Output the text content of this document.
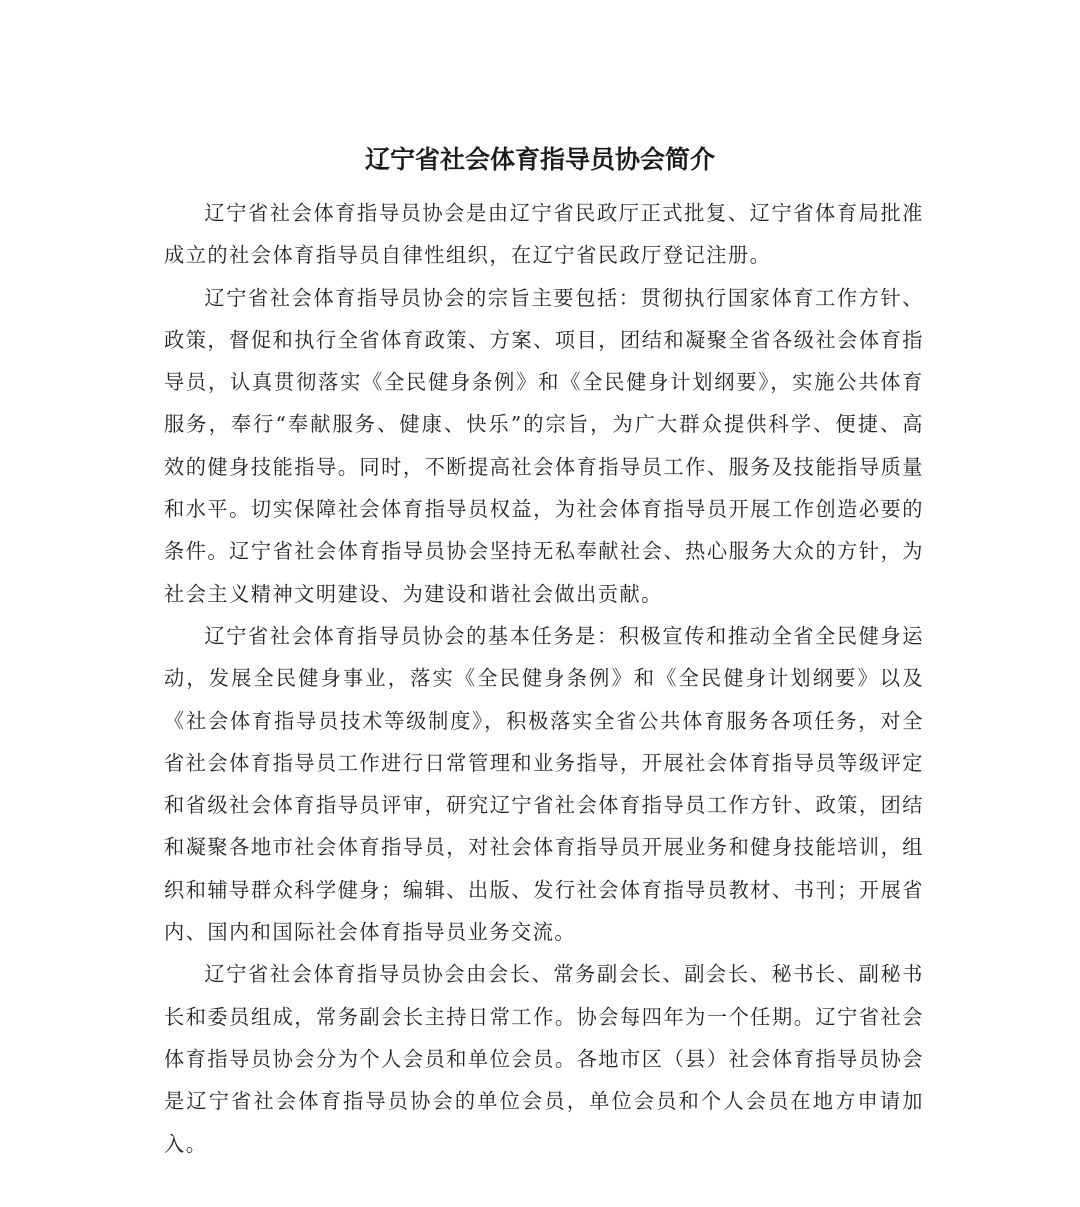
辽宁省社会体育指导员协会简介

辽宁省社会体育指导员协会是由辽宁省民政厅正式批复、辽宁省体育局批准成立的社会体育指导员自律性组织，在辽宁省民政厅登记注册。

辽宁省社会体育指导员协会的宗旨主要包括：贯彻执行国家体育工作方针、政策，督促和执行全省体育政策、方案、项目，团结和凝聚全省各级社会体育指导员，认真贯彻落实《全民健身条例》和《全民健身计划纲要》，实施公共体育服务，奉行“奉献服务、健康、快乐”的宗旨，为广大群众提供科学、便捷、高效的健身技能指导。同时，不断提高社会体育指导员工作、服务及技能指导质量和水平。切实保障社会体育指导员权益，为社会体育指导员开展工作创造必要的条件。辽宁省社会体育指导员协会坚持无私奉献社会、热心服务大众的方针，为社会主义精神文明建设、为建设和谐社会做出贡献。

辽宁省社会体育指导员协会的基本任务是：积极宣传和推动全省全民健身运动，发展全民健身事业，落实《全民健身条例》和《全民健身计划纲要》以及《社会体育指导员技术等级制度》，积极落实全省公共体育服务各项任务，对全省社会体育指导员工作进行日常管理和业务指导，开展社会体育指导员等级评定和省级社会体育指导员评审，研究辽宁省社会体育指导员工作方针、政策，团结和凝聚各地市社会体育指导员，对社会体育指导员开展业务和健身技能培训，组织和辅导群众科学健身；编辑、出版、发行社会体育指导员教材、书刊；开展省内、国内和国际社会体育指导员业务交流。

辽宁省社会体育指导员协会由会长、常务副会长、副会长、秘书长、副秘书长和委员组成，常务副会长主持日常工作。协会每四年为一个任期。辽宁省社会体育指导员协会分为个人会员和单位会员。各地市区（县）社会体育指导员协会是辽宁省社会体育指导员协会的单位会员，单位会员和个人会员在地方申请加入。
